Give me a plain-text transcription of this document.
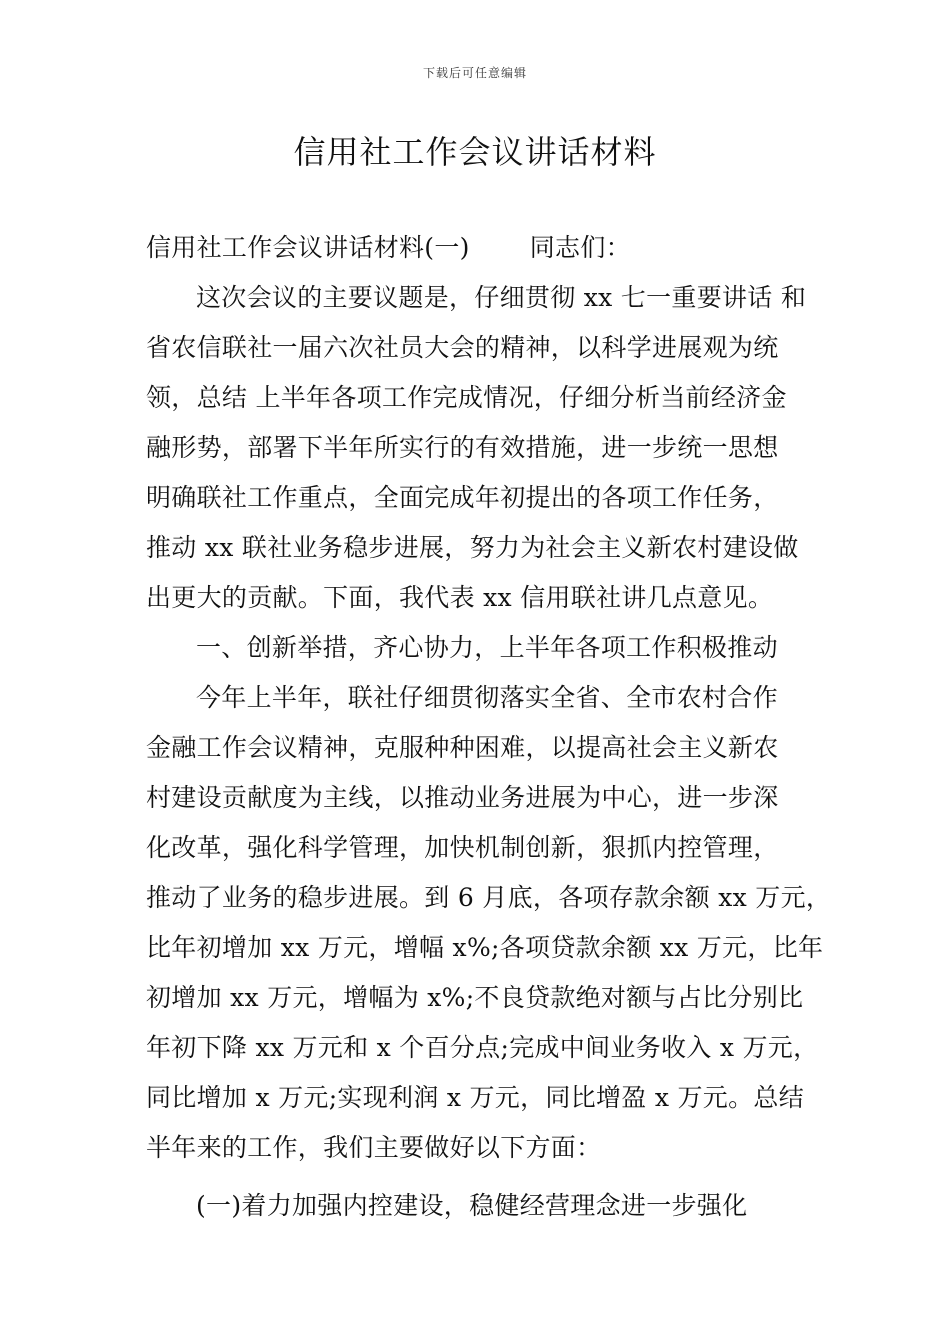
下载后可任意编辑
信用社工作会议讲话材料
信用社工作会议讲话材料(一) 同志们：
这次会议的主要议题是，仔细贯彻 xx 七一重要讲话 和
省农信联社一届六次社员大会的精神，以科学进展观为统
领，总结 上半年各项工作完成情况，仔细分析当前经济金
融形势，部署下半年所实行的有效措施，进一步统一思想
明确联社工作重点，全面完成年初提出的各项工作任务，
推动 xx 联社业务稳步进展，努力为社会主义新农村建设做
出更大的贡献。下面，我代表 xx 信用联社讲几点意见。
一、创新举措，齐心协力，上半年各项工作积极推动
今年上半年，联社仔细贯彻落实全省、全市农村合作
金融工作会议精神，克服种种困难，以提高社会主义新农
村建设贡献度为主线，以推动业务进展为中心，进一步深
化改革，强化科学管理，加快机制创新，狠抓内控管理，
推动了业务的稳步进展。到 6 月底，各项存款余额 xx 万元，
比年初增加 xx 万元，增幅 x%;各项贷款余额 xx 万元，比年
初增加 xx 万元，增幅为 x%;不良贷款绝对额与占比分别比
年初下降 xx 万元和 x 个百分点;完成中间业务收入 x 万元，
同比增加 x 万元;实现利润 x 万元，同比增盈 x 万元。总结
半年来的工作，我们主要做好以下方面：
(一)着力加强内控建设，稳健经营理念进一步强化
